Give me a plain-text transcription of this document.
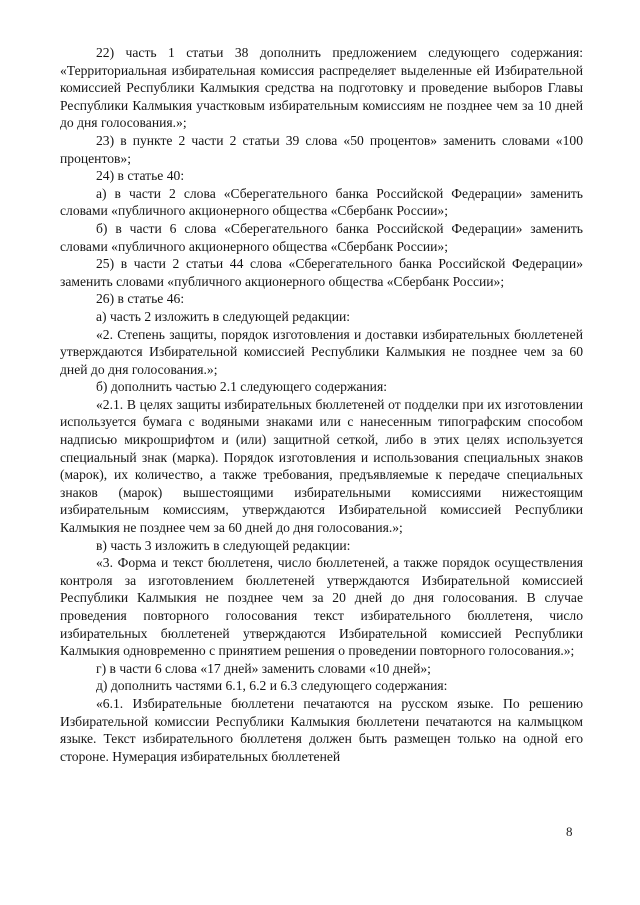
22) часть 1 статьи 38 дополнить предложением следующего содержания: «Территориальная избирательная комиссия распределяет выделенные ей Избирательной комиссией Республики Калмыкия средства на подготовку и проведение выборов Главы Республики Калмыкия участковым избирательным комиссиям не позднее чем за 10 дней до дня голосования.»;

23) в пункте 2 части 2 статьи 39 слова «50 процентов» заменить словами «100 процентов»;

24) в статье 40:

а) в части 2 слова «Сберегательного банка Российской Федерации» заменить словами «публичного акционерного общества «Сбербанк России»;

б) в части 6 слова «Сберегательного банка Российской Федерации» заменить словами «публичного акционерного общества «Сбербанк России»;

25) в части 2 статьи 44 слова «Сберегательного банка Российской Федерации» заменить словами «публичного акционерного общества «Сбербанк России»;

26) в статье 46:

а) часть 2 изложить в следующей редакции:

«2. Степень защиты, порядок изготовления и доставки избирательных бюллетеней утверждаются Избирательной комиссией Республики Калмыкия не позднее чем за 60 дней до дня голосования.»;

б) дополнить частью 2.1 следующего содержания:

«2.1. В целях защиты избирательных бюллетеней от подделки при их изготовлении используется бумага с водяными знаками или с нанесенным типографским способом надписью микрошрифтом и (или) защитной сеткой, либо в этих целях используется специальный знак (марка). Порядок изготовления и использования специальных знаков (марок), их количество, а также требования, предъявляемые к передаче специальных знаков (марок) вышестоящими избирательными комиссиями нижестоящим избирательным комиссиям, утверждаются Избирательной комиссией Республики Калмыкия не позднее чем за 60 дней до дня голосования.»;

в) часть 3 изложить в следующей редакции:

«3. Форма и текст бюллетеня, число бюллетеней, а также порядок осуществления контроля за изготовлением бюллетеней утверждаются Избирательной комиссией Республики Калмыкия не позднее чем за 20 дней до дня голосования. В случае проведения повторного голосования текст избирательного бюллетеня, число избирательных бюллетеней утверждаются Избирательной комиссией Республики Калмыкия одновременно с принятием решения о проведении повторного голосования.»;

г) в части 6 слова «17 дней» заменить словами «10 дней»;

д) дополнить частями 6.1, 6.2 и 6.3 следующего содержания:

«6.1. Избирательные бюллетени печатаются на русском языке. По решению Избирательной комиссии Республики Калмыкия бюллетени печатаются на калмыцком языке. Текст избирательного бюллетеня должен быть размещен только на одной его стороне. Нумерация избирательных бюллетеней

8
